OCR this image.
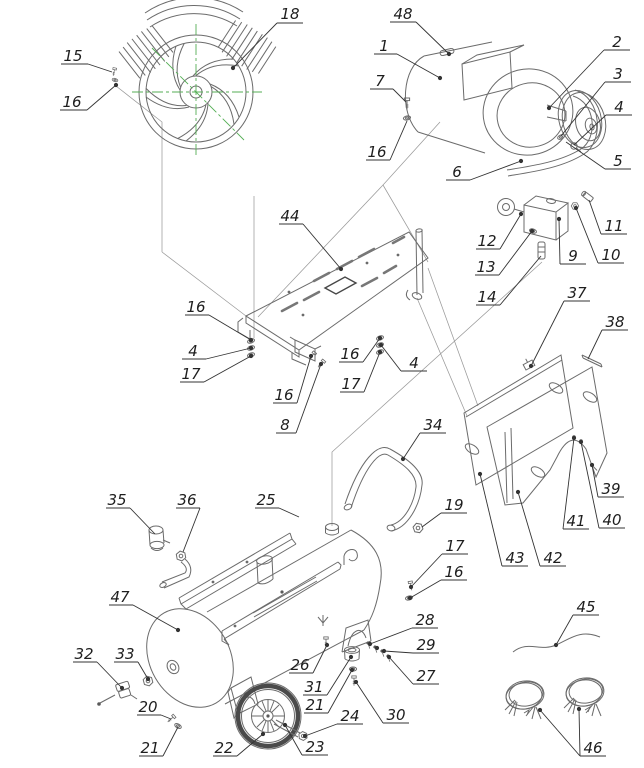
18
15
16
48
1
7
16
2
3
4
5
6
12
13
14
9 10
11
44
16
4
17
16
8
16
17
4
37
38
39
40
41
43 42
34
19
25
35	36
47
17
16
28
29
27
26
31
21
24 30
32 33
20
21	22	23
45
46
